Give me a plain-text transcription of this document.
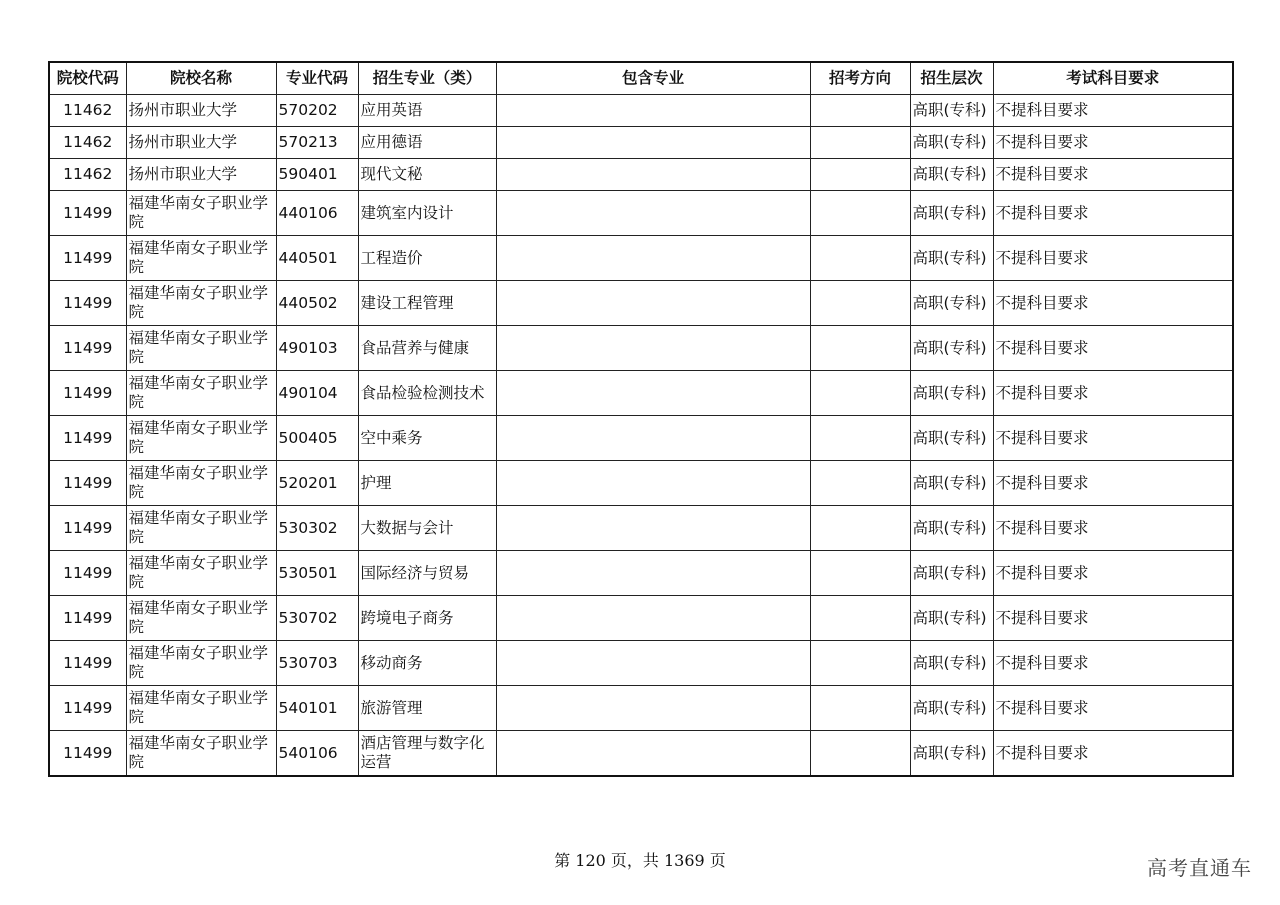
院校代码	院校名称	专业代码	招生专业（类）	包含专业	招考方向	招生层次	考试科目要求
11462	扬州市职业大学	570202	应用英语			高职(专科)	不提科目要求
11462	扬州市职业大学	570213	应用德语			高职(专科)	不提科目要求
11462	扬州市职业大学	590401	现代文秘			高职(专科)	不提科目要求
11499	福建华南女子职业学院	440106	建筑室内设计			高职(专科)	不提科目要求
11499	福建华南女子职业学院	440501	工程造价			高职(专科)	不提科目要求
11499	福建华南女子职业学院	440502	建设工程管理			高职(专科)	不提科目要求
11499	福建华南女子职业学院	490103	食品营养与健康			高职(专科)	不提科目要求
11499	福建华南女子职业学院	490104	食品检验检测技术			高职(专科)	不提科目要求
11499	福建华南女子职业学院	500405	空中乘务			高职(专科)	不提科目要求
11499	福建华南女子职业学院	520201	护理			高职(专科)	不提科目要求
11499	福建华南女子职业学院	530302	大数据与会计			高职(专科)	不提科目要求
11499	福建华南女子职业学院	530501	国际经济与贸易			高职(专科)	不提科目要求
11499	福建华南女子职业学院	530702	跨境电子商务			高职(专科)	不提科目要求
11499	福建华南女子职业学院	530703	移动商务			高职(专科)	不提科目要求
11499	福建华南女子职业学院	540101	旅游管理			高职(专科)	不提科目要求
11499	福建华南女子职业学院	540106	酒店管理与数字化运营			高职(专科)	不提科目要求
第 120 页，共 1369 页	高考直通车
